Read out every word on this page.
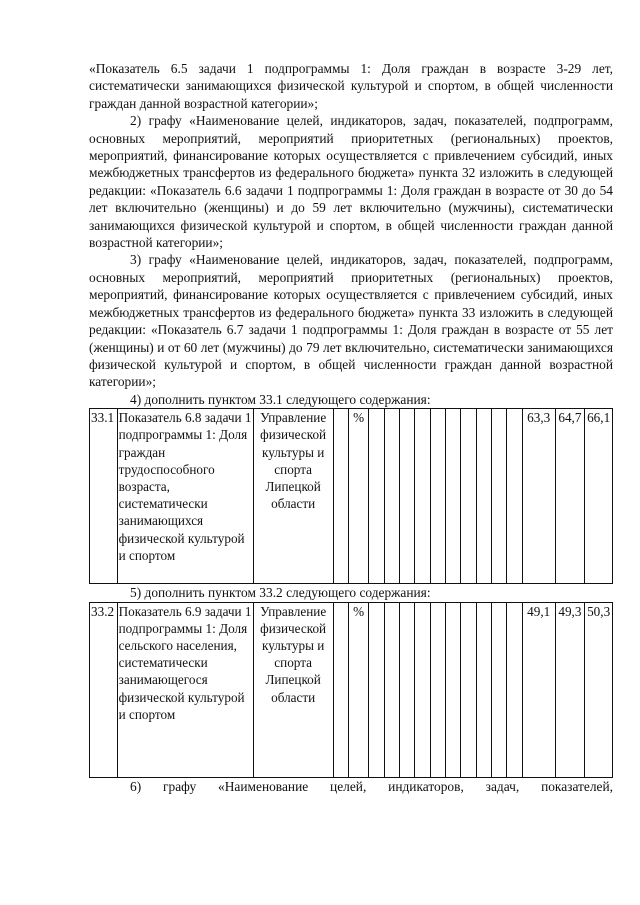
«Показатель 6.5 задачи 1 подпрограммы 1: Доля граждан в возрасте 3-29 лет, систематически занимающихся физической культурой и спортом, в общей численности граждан данной возрастной категории»;

2) графу «Наименование целей, индикаторов, задач, показателей, подпрограмм, основных мероприятий, мероприятий приоритетных (региональных) проектов, мероприятий, финансирование которых осуществляется с привлечением субсидий, иных межбюджетных трансфертов из федерального бюджета» пункта 32 изложить в следующей редакции: «Показатель 6.6 задачи 1 подпрограммы 1: Доля граждан в возрасте от 30 до 54 лет включительно (женщины) и до 59 лет включительно (мужчины), систематически занимающихся физической культурой и спортом, в общей численности граждан данной возрастной категории»;

3) графу «Наименование целей, индикаторов, задач, показателей, подпрограмм, основных мероприятий, мероприятий приоритетных (региональных) проектов, мероприятий, финансирование которых осуществляется с привлечением субсидий, иных межбюджетных трансфертов из федерального бюджета» пункта 33 изложить в следующей редакции: «Показатель 6.7 задачи 1 подпрограммы 1: Доля граждан в возрасте от 55 лет (женщины) и от 60 лет (мужчины) до 79 лет включительно, систематически занимающихся физической культурой и спортом, в общей численности граждан данной возрастной категории»;

4) дополнить пунктом 33.1 следующего содержания:

33.1	Показатель 6.8 задачи 1 подпрограммы 1: Доля граждан трудоспособного возраста, систематически занимающихся физической культурой и спортом	Управление физической культуры и спорта Липецкой области		%											63,3	64,7	66,1

5) дополнить пунктом 33.2 следующего содержания:

33.2	Показатель 6.9 задачи 1 подпрограммы 1: Доля сельского населения, систематически занимающегося физической культурой и спортом	Управление физической культуры и спорта Липецкой области		%											49,1	49,3	50,3

6) графу «Наименование целей, индикаторов, задач, показателей,
